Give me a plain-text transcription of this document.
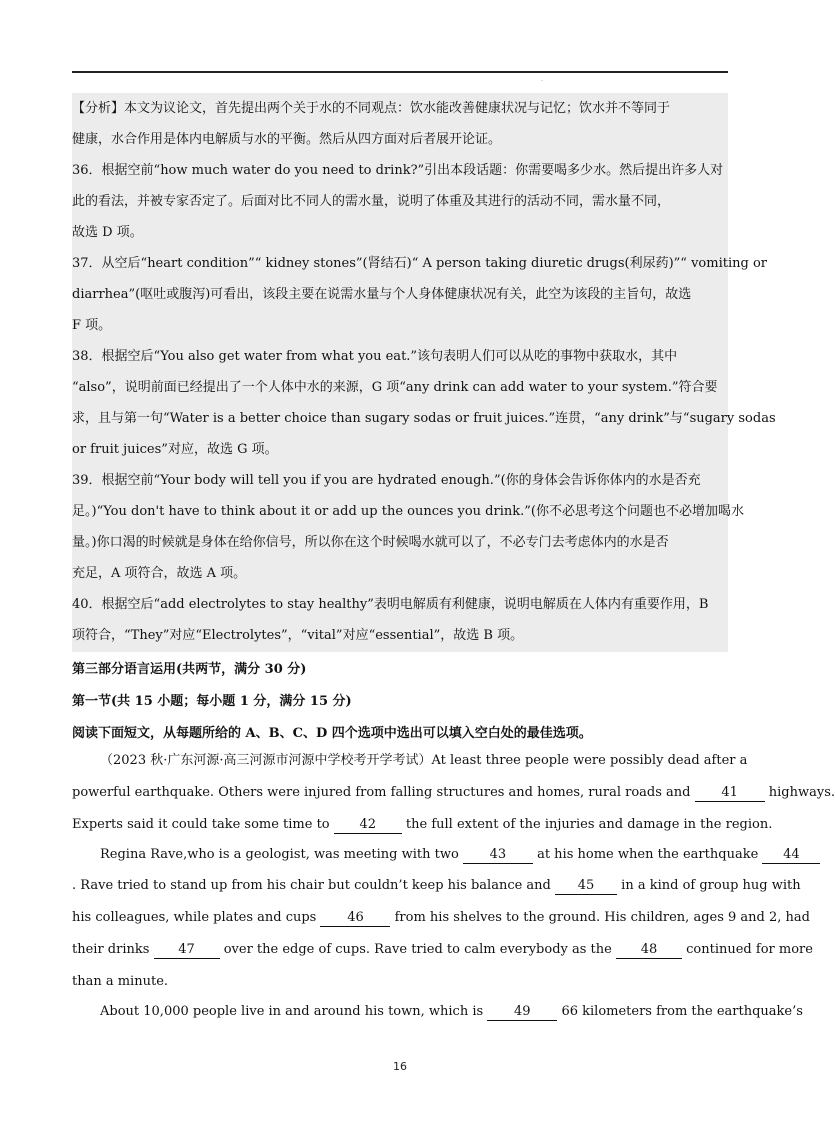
.
【分析】本文为议论文，首先提出两个关于水的不同观点：饮水能改善健康状况与记忆；饮水并不等同于
健康，水合作用是体内电解质与水的平衡。然后从四方面对后者展开论证。
36．根据空前“how much water do you need to drink?”引出本段话题：你需要喝多少水。然后提出许多人对
此的看法，并被专家否定了。后面对比不同人的需水量，说明了体重及其进行的活动不同，需水量不同，
故选 D 项。
37．从空后“heart condition”“ kidney stones”(肾结石)“ A person taking diuretic drugs(利尿药)”“ vomiting or
diarrhea”(呕吐或腹泻)可看出，该段主要在说需水量与个人身体健康状况有关，此空为该段的主旨句，故选
F 项。
38．根据空后“You also get water from what you eat.”该句表明人们可以从吃的事物中获取水，其中
“also”，说明前面已经提出了一个人体中水的来源，G 项“any drink can add water to your system.”符合要
求，且与第一句“Water is a better choice than sugary sodas or fruit juices.”连贯，“any drink”与“sugary sodas
or fruit juices”对应，故选 G 项。
39．根据空前“Your body will tell you if you are hydrated enough.”(你的身体会告诉你体内的水是否充
足。)“You don't have to think about it or add up the ounces you drink.”(你不必思考这个问题也不必增加喝水
量。)你口渴的时候就是身体在给你信号，所以你在这个时候喝水就可以了，不必专门去考虑体内的水是否
充足，A 项符合，故选 A 项。
40．根据空后“add electrolytes to stay healthy”表明电解质有利健康，说明电解质在人体内有重要作用，B
项符合，“They”对应“Electrolytes”，“vital”对应“essential”，故选 B 项。
第三部分语言运用(共两节，满分 30 分)
第一节(共 15 小题；每小题 1 分，满分 15 分)
阅读下面短文，从每题所给的 A、B、C、D 四个选项中选出可以填入空白处的最佳选项。
（2023 秋·广东河源·高三河源市河源中学校考开学考试）At least three people were possibly dead after a
powerful earthquake. Others were injured from falling structures and homes, rural roads and 41 highways.
Experts said it could take some time to 42 the full extent of the injuries and damage in the region.
Regina Rave,who is a geologist, was meeting with two 43 at his home when the earthquake 44
. Rave tried to stand up from his chair but couldn’t keep his balance and 45 in a kind of group hug with
his colleagues, while plates and cups 46 from his shelves to the ground. His children, ages 9 and 2, had
their drinks 47 over the edge of cups. Rave tried to calm everybody as the 48 continued for more
than a minute.
About 10,000 people live in and around his town, which is 49 66 kilometers from the earthquake’s
16
